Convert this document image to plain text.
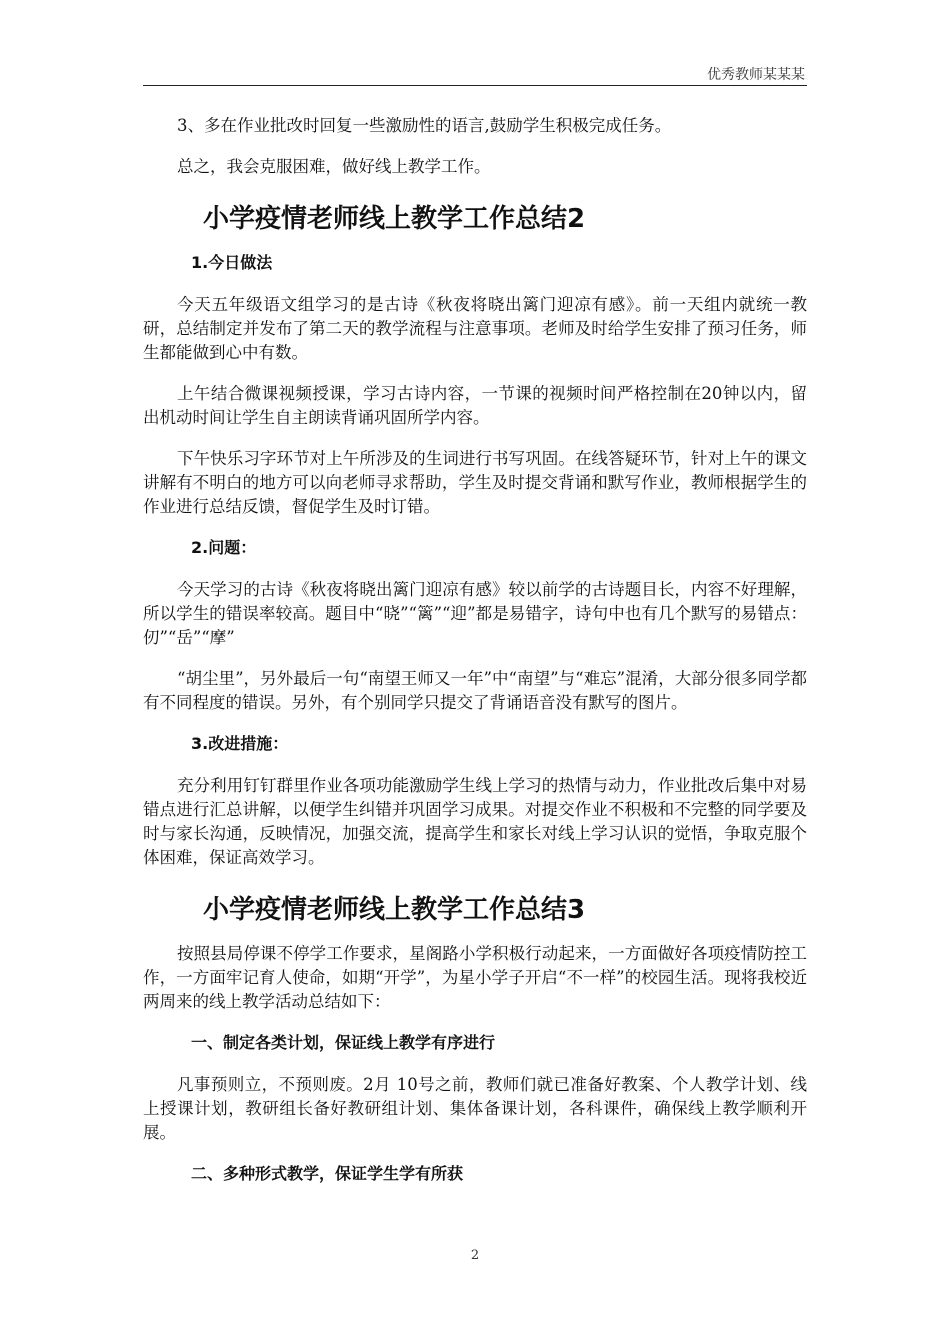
优秀教师某某某

3、多在作业批改时回复一些激励性的语言,鼓励学生积极完成任务。

总之，我会克服困难，做好线上教学工作。

小学疫情老师线上教学工作总结2
1.今日做法

今天五年级语文组学习的是古诗《秋夜将晓出篱门迎凉有感》。前一天组内就统一教研，总结制定并发布了第二天的教学流程与注意事项。老师及时给学生安排了预习任务，师生都能做到心中有数。

上午结合微课视频授课，学习古诗内容，一节课的视频时间严格控制在20钟以内，留出机动时间让学生自主朗读背诵巩固所学内容。

下午快乐习字环节对上午所涉及的生词进行书写巩固。在线答疑环节，针对上午的课文讲解有不明白的地方可以向老师寻求帮助，学生及时提交背诵和默写作业，教师根据学生的作业进行总结反馈，督促学生及时订错。

2.问题：

今天学习的古诗《秋夜将晓出篱门迎凉有感》较以前学的古诗题目长，内容不好理解，所以学生的错误率较高。题目中“晓”“篱”“迎”都是易错字，诗句中也有几个默写的易错点：仞”“岳”“摩”

“胡尘里”，另外最后一句“南望王师又一年”中“南望”与“难忘”混淆，大部分很多同学都有不同程度的错误。另外，有个别同学只提交了背诵语音没有默写的图片。

3.改进措施：

充分利用钉钉群里作业各项功能激励学生线上学习的热情与动力，作业批改后集中对易错点进行汇总讲解，以便学生纠错并巩固学习成果。对提交作业不积极和不完整的同学要及时与家长沟通，反映情况，加强交流，提高学生和家长对线上学习认识的觉悟，争取克服个体困难，保证高效学习。

小学疫情老师线上教学工作总结3

按照县局停课不停学工作要求，星阁路小学积极行动起来，一方面做好各项疫情防控工作，一方面牢记育人使命，如期“开学”，为星小学子开启“不一样”的校园生活。现将我校近两周来的线上教学活动总结如下：

一、制定各类计划，保证线上教学有序进行

凡事预则立，不预则废。2月 10号之前，教师们就已准备好教案、个人教学计划、线上授课计划，教研组长备好教研组计划、集体备课计划，各科课件，确保线上教学顺利开展。

二、多种形式教学，保证学生学有所获
2
